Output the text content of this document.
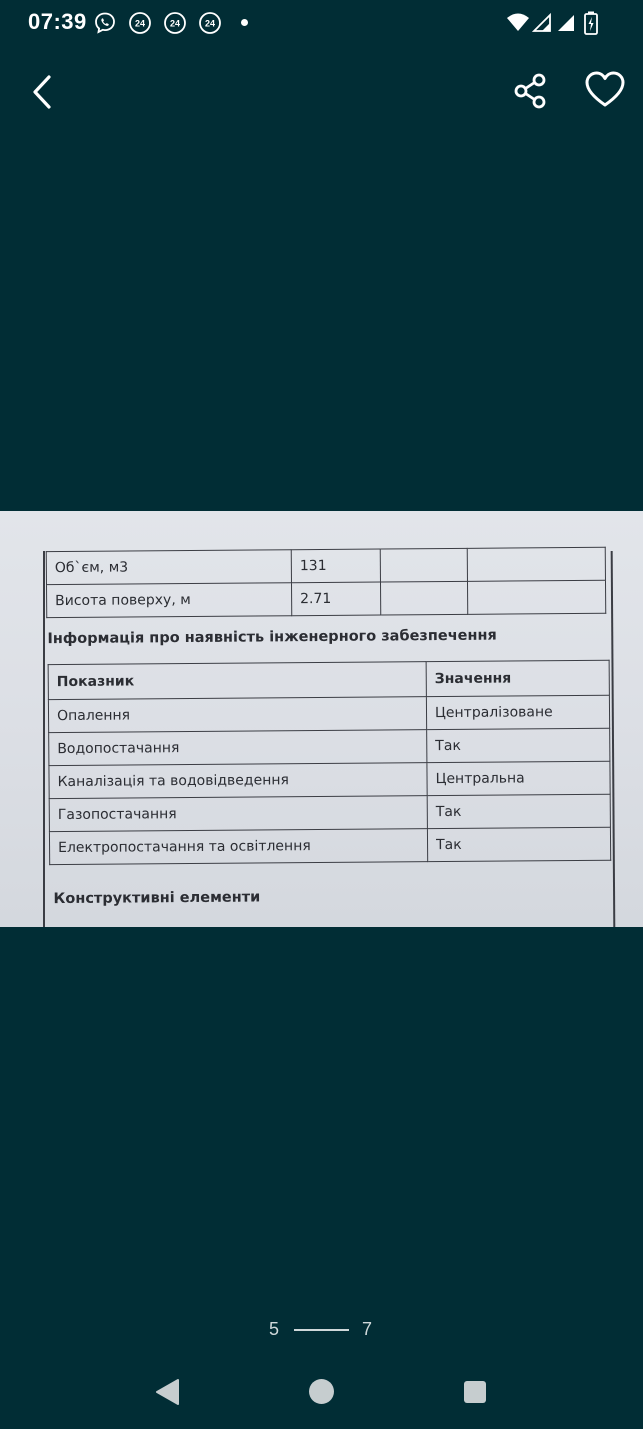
07:39	24	24	24
Об`єм, м3	131		
Висота поверху, м	2.71		
Інформація про наявність інженерного забезпечення
Показник	Значення
Опалення	Централізоване
Водопостачання	Так
Каналізація та водовідведення	Центральна
Газопостачання	Так
Електропостачання та освітлення	Так
Конструктивні елементи
5	7
